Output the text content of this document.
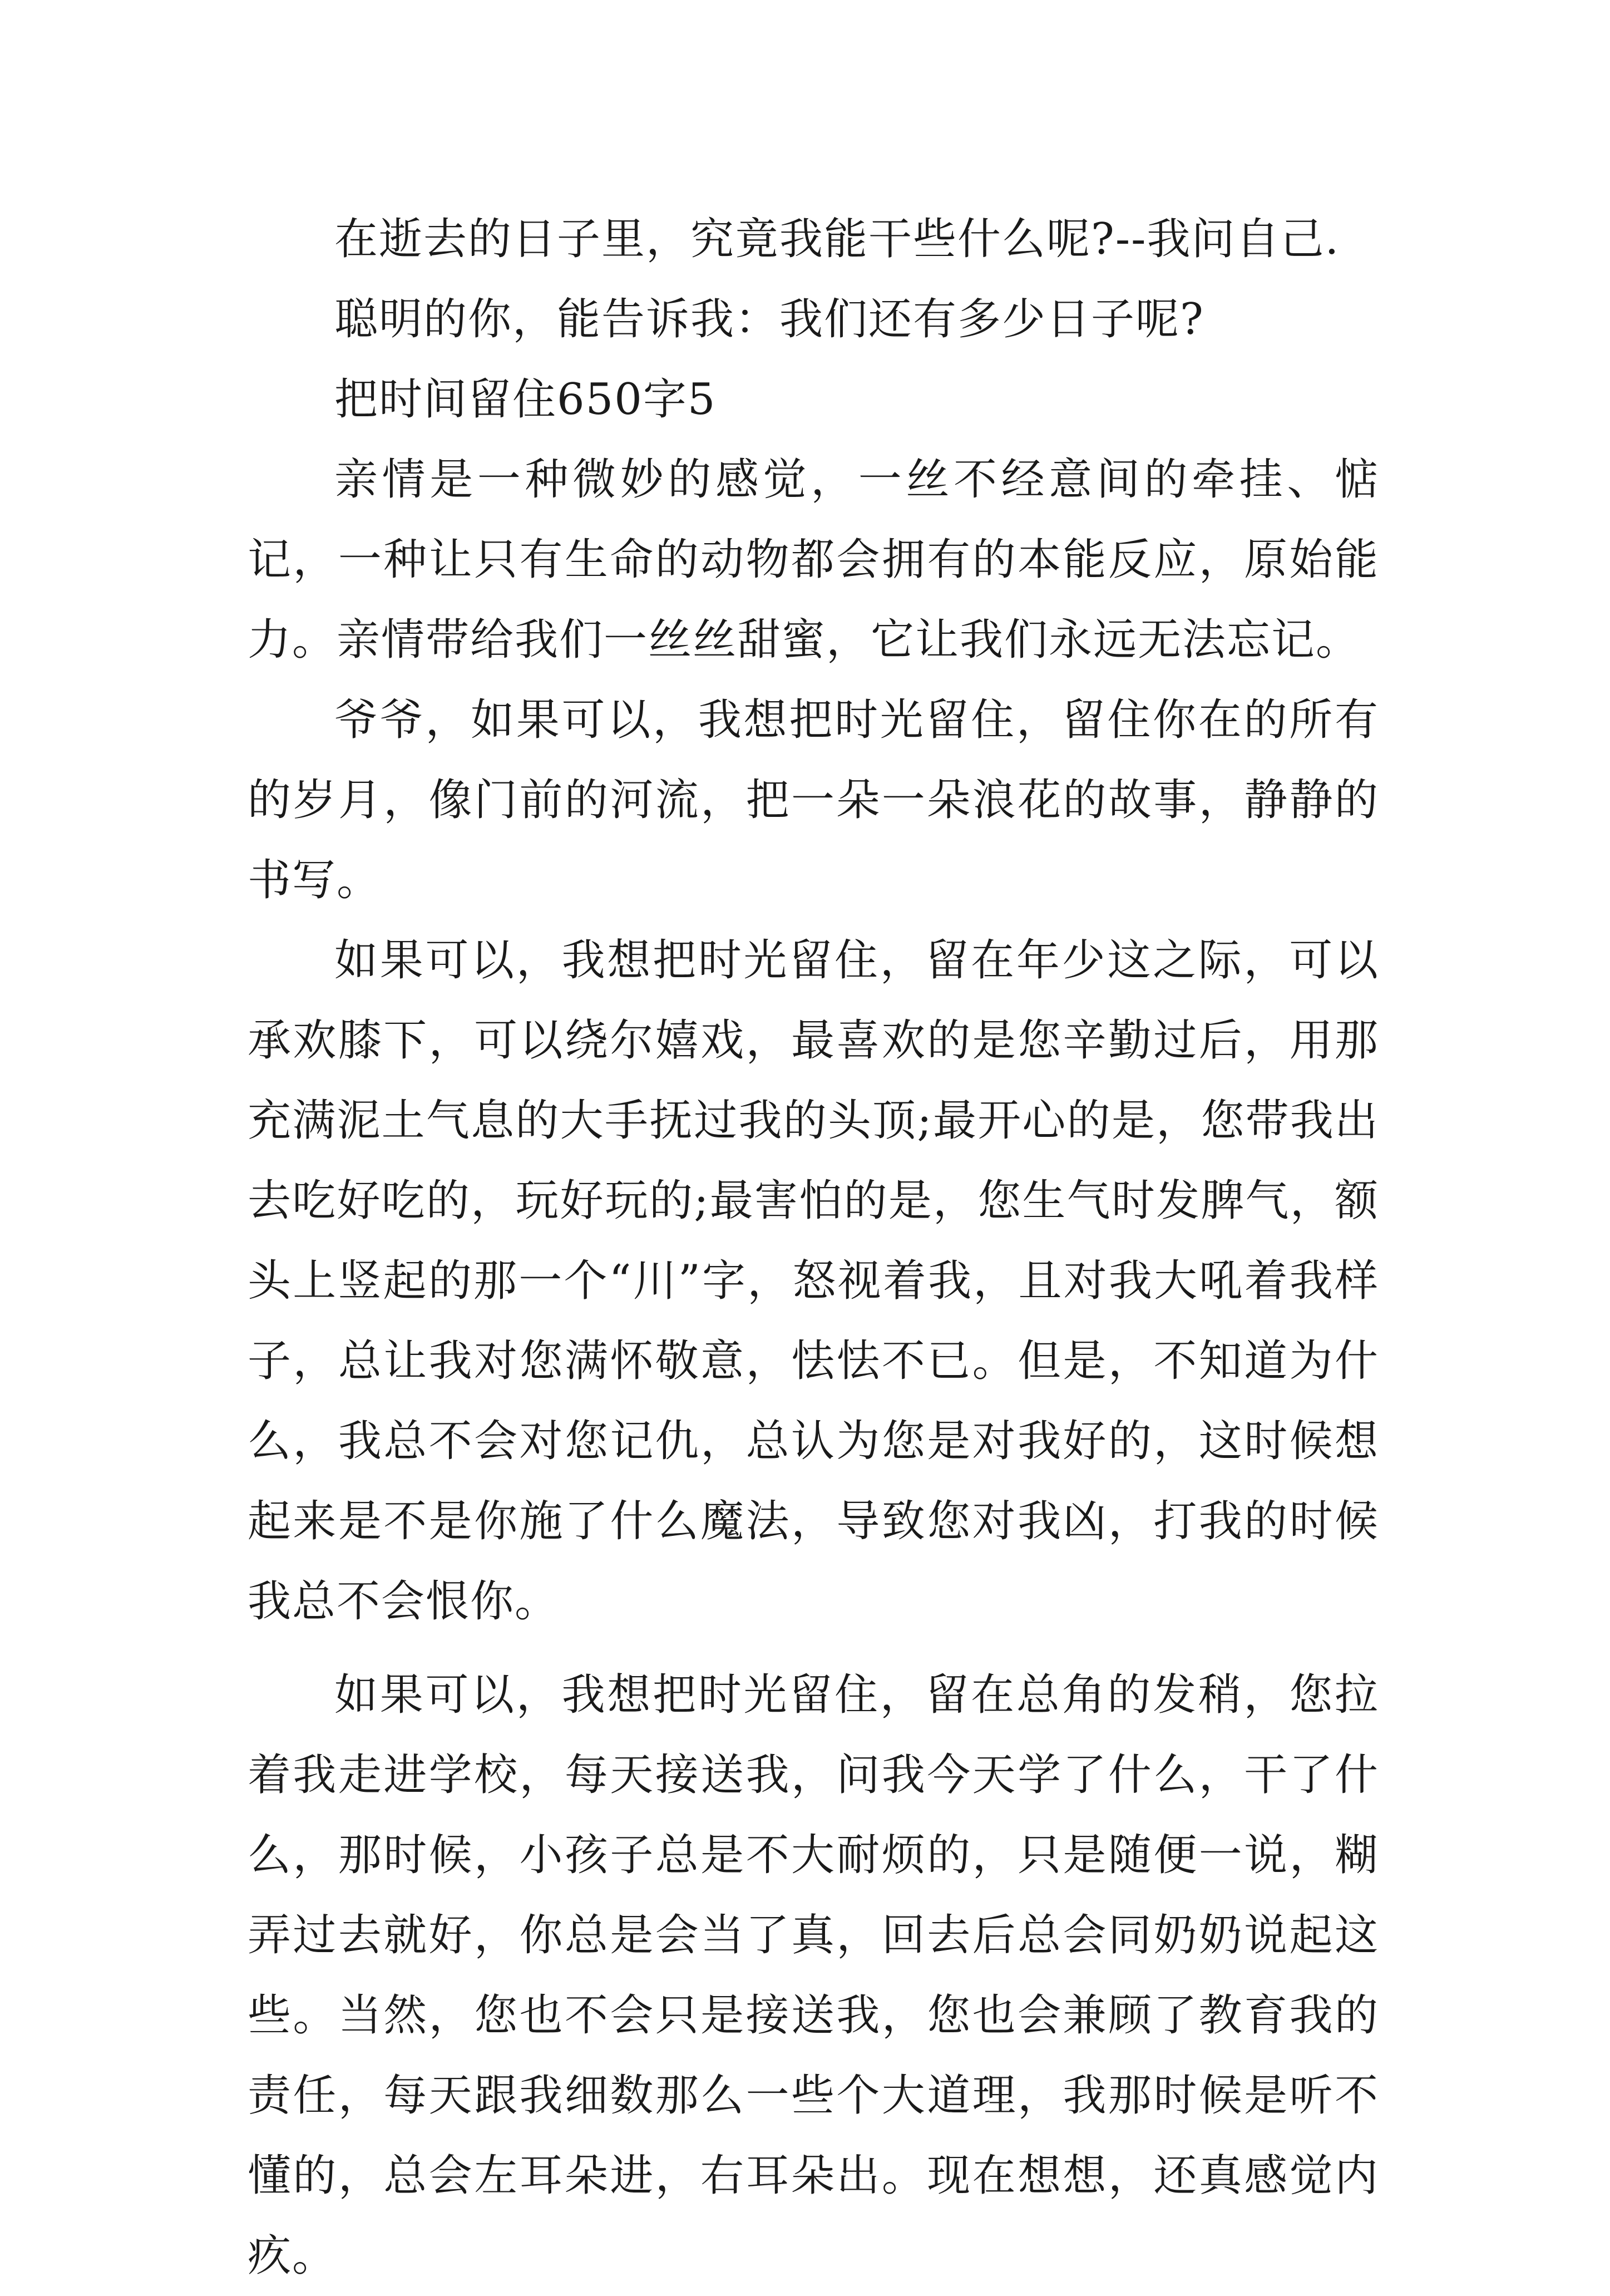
在逝去的日子里，究竟我能干些什么呢?--我问自己.

聪明的你，能告诉我：我们还有多少日子呢?

把时间留住650字5

亲情是一种微妙的感觉，一丝不经意间的牵挂、惦记，一种让只有生命的动物都会拥有的本能反应，原始能力。亲情带给我们一丝丝甜蜜，它让我们永远无法忘记。

爷爷，如果可以，我想把时光留住，留住你在的所有的岁月，像门前的河流，把一朵一朵浪花的故事，静静的书写。

如果可以，我想把时光留住，留在年少这之际，可以承欢膝下，可以绕尔嬉戏，最喜欢的是您辛勤过后，用那充满泥土气息的大手抚过我的头顶;最开心的是，您带我出去吃好吃的，玩好玩的;最害怕的是，您生气时发脾气，额头上竖起的那一个“川”字，怒视着我，且对我大吼着我样子，总让我对您满怀敬意，怯怯不已。但是，不知道为什么，我总不会对您记仇，总认为您是对我好的，这时候想起来是不是你施了什么魔法，导致您对我凶，打我的时候我总不会恨你。

如果可以，我想把时光留住，留在总角的发稍，您拉着我走进学校，每天接送我，问我今天学了什么，干了什么，那时候，小孩子总是不大耐烦的，只是随便一说，糊弄过去就好，你总是会当了真，回去后总会同奶奶说起这些。当然，您也不会只是接送我，您也会兼顾了教育我的责任，每天跟我细数那么一些个大道理，我那时候是听不懂的，总会左耳朵进，右耳朵出。现在想想，还真感觉内疚。
